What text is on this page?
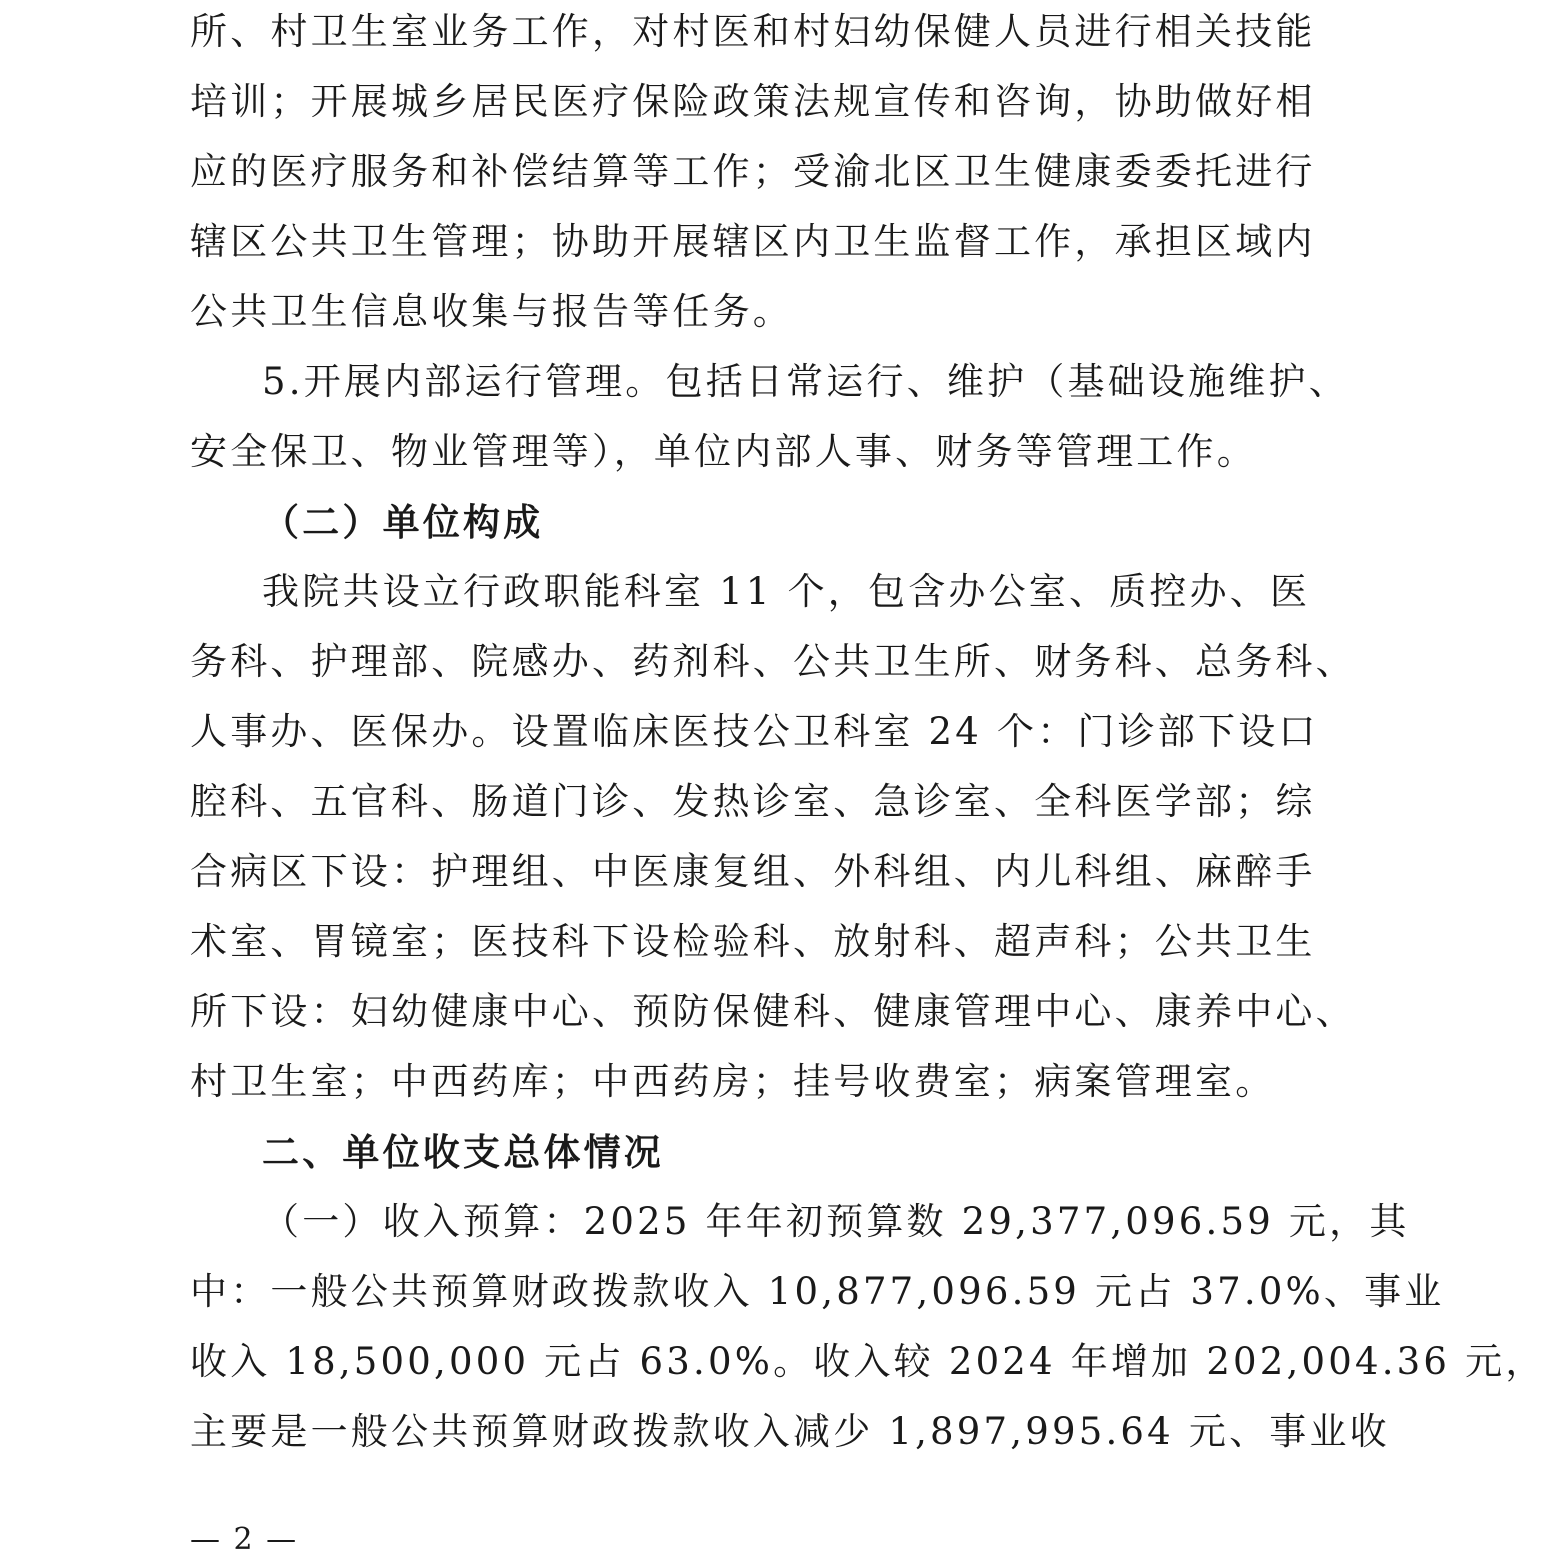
所、村卫生室业务工作，对村医和村妇幼保健人员进行相关技能
培训；开展城乡居民医疗保险政策法规宣传和咨询，协助做好相
应的医疗服务和补偿结算等工作；受渝北区卫生健康委委托进行
辖区公共卫生管理；协助开展辖区内卫生监督工作，承担区域内
公共卫生信息收集与报告等任务。
5.开展内部运行管理。包括日常运行、维护（基础设施维护、
安全保卫、物业管理等），单位内部人事、财务等管理工作。
（二）单位构成
我院共设立行政职能科室 11 个，包含办公室、质控办、医
务科、护理部、院感办、药剂科、公共卫生所、财务科、总务科、
人事办、医保办。设置临床医技公卫科室 24 个：门诊部下设口
腔科、五官科、肠道门诊、发热诊室、急诊室、全科医学部；综
合病区下设：护理组、中医康复组、外科组、内儿科组、麻醉手
术室、胃镜室；医技科下设检验科、放射科、超声科；公共卫生
所下设：妇幼健康中心、预防保健科、健康管理中心、康养中心、
村卫生室；中西药库；中西药房；挂号收费室；病案管理室。
二、单位收支总体情况
（一）收入预算：2025 年年初预算数 29,377,096.59 元，其
中：一般公共预算财政拨款收入 10,877,096.59 元占 37.0%、事业
收入 18,500,000 元占 63.0%。收入较 2024 年增加 202,004.36 元，
主要是一般公共预算财政拨款收入减少 1,897,995.64 元、事业收
— 2 —
